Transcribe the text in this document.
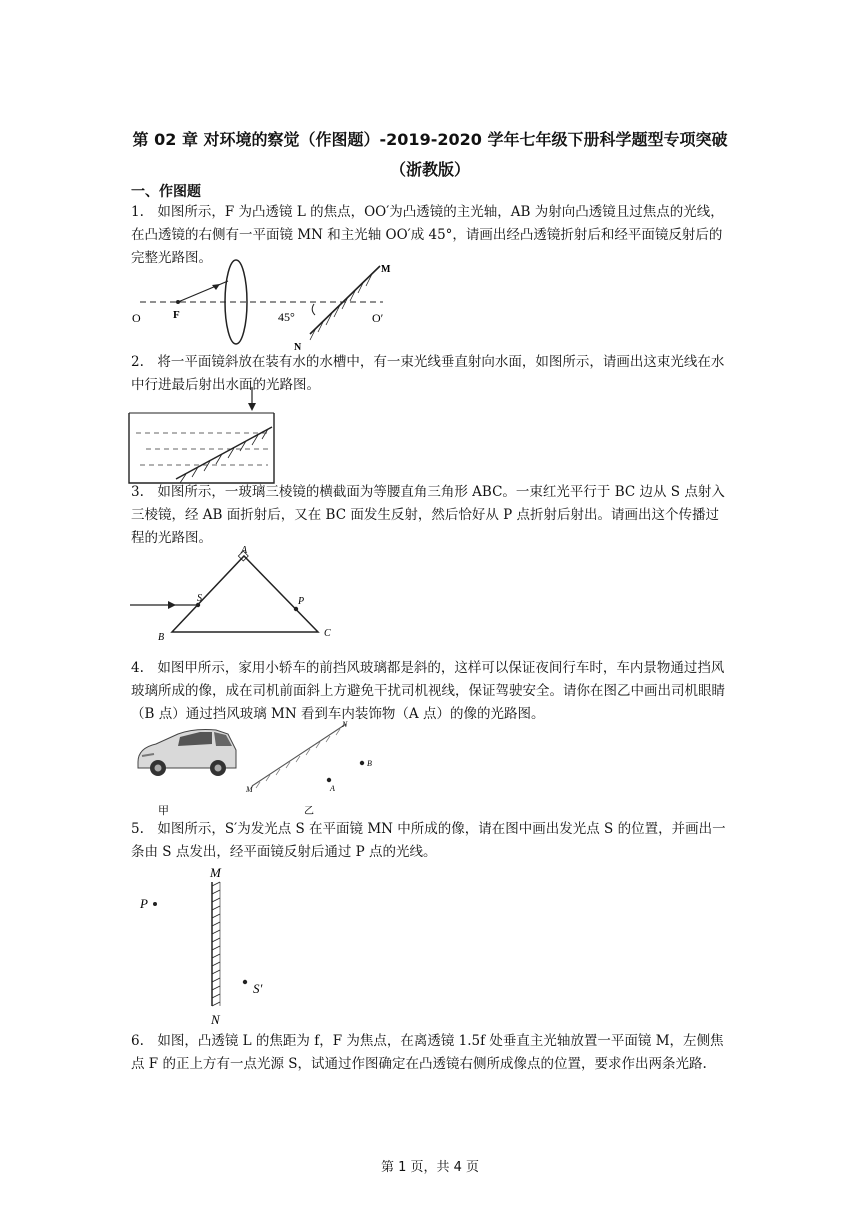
第 02 章 对环境的察觉（作图题）-2019-2020 学年七年级下册科学题型专项突破
（浙教版）
一、作图题
1.　如图所示，F 为凸透镜 L 的焦点，OO′为凸透镜的主光轴，AB 为射向凸透镜且过焦点的光线，在凸透镜的右侧有一平面镜 MN 和主光轴 OO′成 45°，请画出经凸透镜折射后和经平面镜反射后的完整光路图。
O	F	45°	O′
M
N
2.　将一平面镜斜放在装有水的水槽中，有一束光线垂直射向水面，如图所示，请画出这束光线在水中行进最后射出水面的光路图。
3.　如图所示，一玻璃三棱镜的横截面为等腰直角三角形 ABC。一束红光平行于 BC 边从 S 点射入三棱镜，经 AB 面折射后，又在 BC 面发生反射，然后恰好从 P 点折射后射出。请画出这个传播过程的光路图。
A
B	C
S	P
4.　如图甲所示，家用小轿车的前挡风玻璃都是斜的，这样可以保证夜间行车时，车内景物通过挡风玻璃所成的像，成在司机前面斜上方避免干扰司机视线，保证驾驶安全。请你在图乙中画出司机眼睛（B 点）通过挡风玻璃 MN 看到车内装饰物（A 点）的像的光路图。
甲
M
N
A
B
乙
5.　如图所示，S′为发光点 S 在平面镜 MN 中所成的像，请在图中画出发光点 S 的位置，并画出一条由 S 点发出，经平面镜反射后通过 P 点的光线。
M
N
P
S′
6.　如图，凸透镜 L 的焦距为 f，F 为焦点，在离透镜 1.5f 处垂直主光轴放置一平面镜 M，左侧焦点 F 的正上方有一点光源 S，试通过作图确定在凸透镜右侧所成像点的位置，要求作出两条光路.
第 1 页，共 4 页
